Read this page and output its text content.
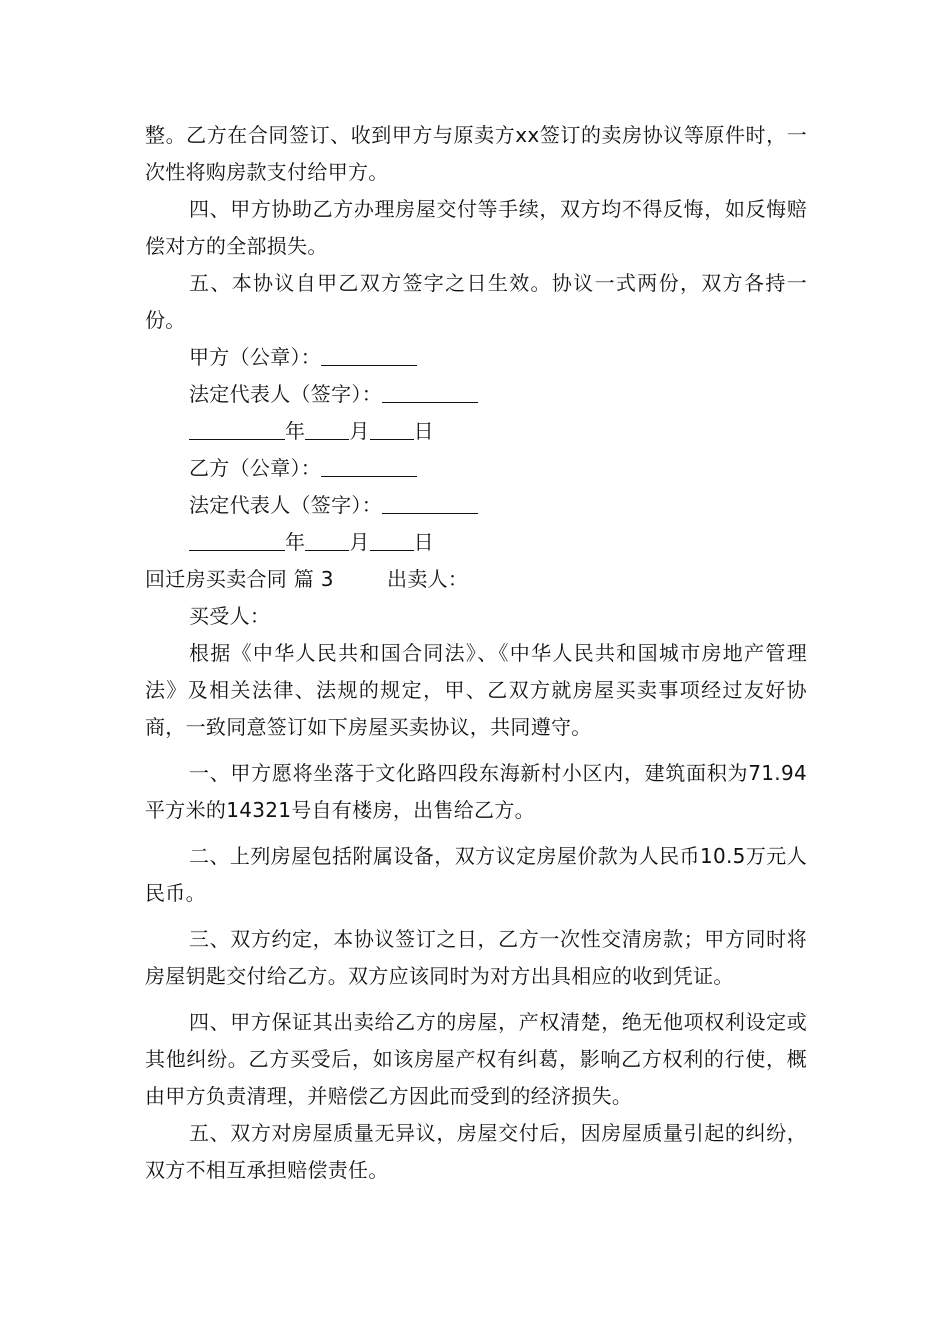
整。乙方在合同签订、收到甲方与原卖方xx签订的卖房协议等原件时，一次性将购房款支付给甲方。

四、甲方协助乙方办理房屋交付等手续，双方均不得反悔，如反悔赔偿对方的全部损失。

五、本协议自甲乙双方签字之日生效。协议一式两份，双方各持一份。

甲方（公章）：

法定代表人（签字）：

年 月 日

乙方（公章）：

法定代表人（签字）：

年 月 日

回迁房买卖合同 篇 3	出卖人：

买受人：

根据《中华人民共和国合同法》、《中华人民共和国城市房地产管理法》及相关法律、法规的规定，甲、乙双方就房屋买卖事项经过友好协商，一致同意签订如下房屋买卖协议，共同遵守。

一、甲方愿将坐落于文化路四段东海新村小区内，建筑面积为71.94平方米的14321号自有楼房，出售给乙方。

二、上列房屋包括附属设备，双方议定房屋价款为人民币10.5万元人民币。

三、双方约定，本协议签订之日，乙方一次性交清房款；甲方同时将房屋钥匙交付给乙方。双方应该同时为对方出具相应的收到凭证。

四、甲方保证其出卖给乙方的房屋，产权清楚，绝无他项权利设定或其他纠纷。乙方买受后，如该房屋产权有纠葛，影响乙方权利的行使，概由甲方负责清理，并赔偿乙方因此而受到的经济损失。

五、双方对房屋质量无异议，房屋交付后，因房屋质量引起的纠纷，双方不相互承担赔偿责任。
